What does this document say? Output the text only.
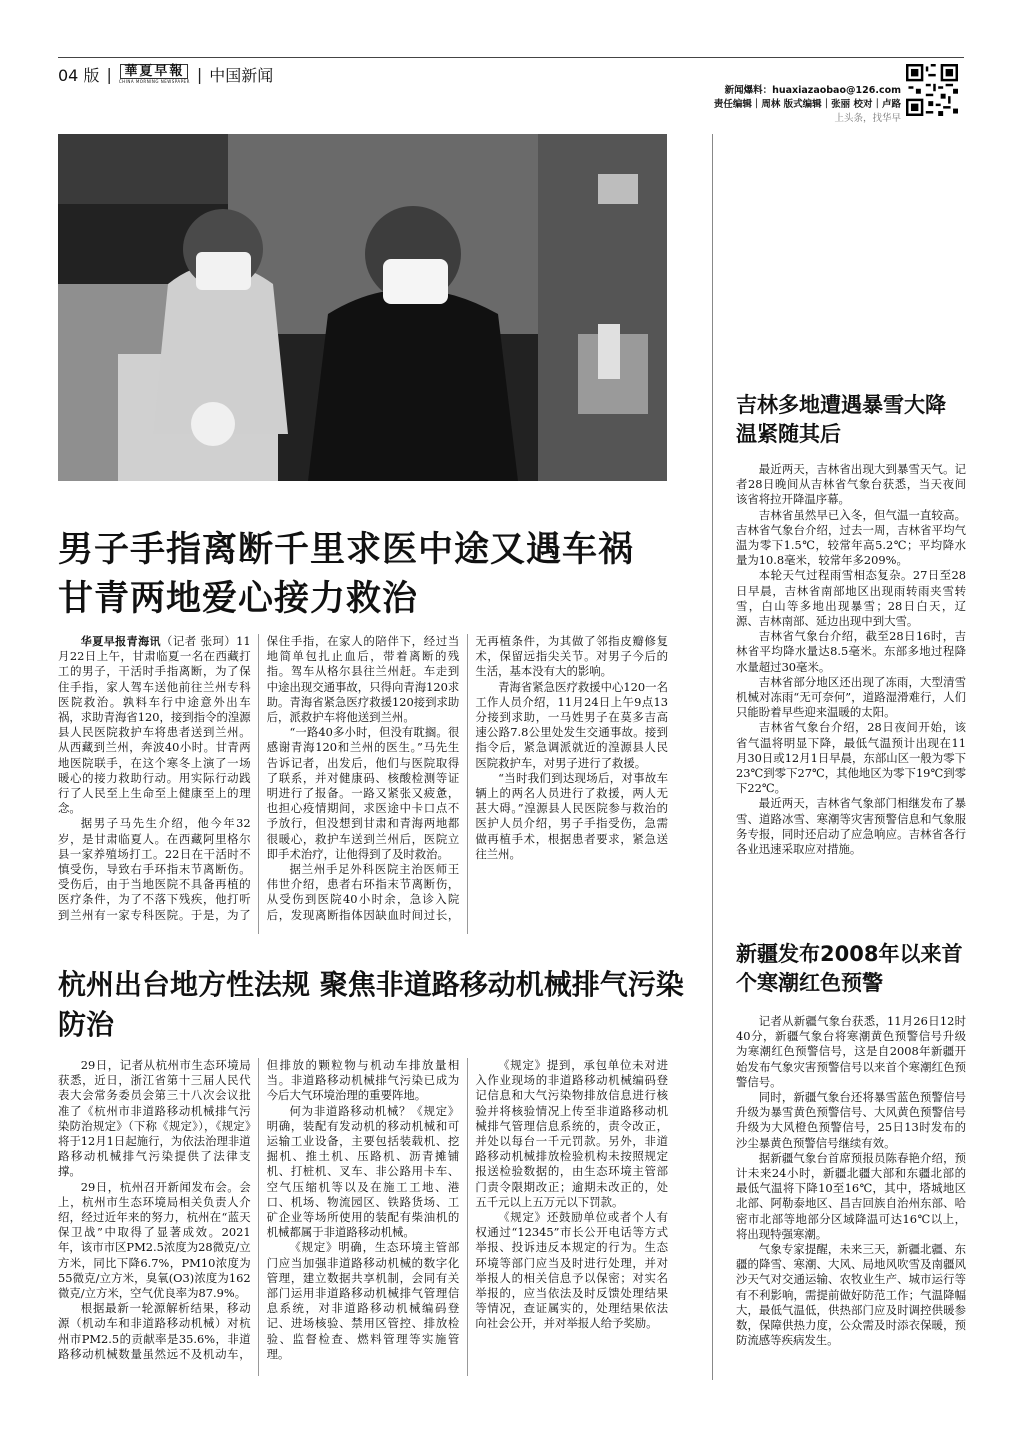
04 版 | 華夏早報
CHINA MORNING NEWSPAPER | 中国新闻
新闻爆料：huaxiazaobao@126.com
责任编辑｜周林 版式编辑｜张丽 校对｜卢路
上头条，找华早
男子手指离断千里求医中途又遇车祸 甘青两地爱心接力救治

华夏早报青海讯（记者 张珂）11月22日上午，甘肃临夏一名在西藏打工的男子，干活时手指离断，为了保住手指，家人驾车送他前往兰州专科医院救治。孰料车行中途意外出车祸，求助青海省120，接到指令的湟源县人民医院救护车将患者送到兰州。从西藏到兰州，奔波40小时。甘青两地医院联手，在这个寒冬上演了一场暖心的接力救助行动。用实际行动践行了人民至上生命至上健康至上的理念。

据男子马先生介绍，他今年32岁，是甘肃临夏人。在西藏阿里格尔县一家养殖场打工。22日在干活时不慎受伤，导致右手环指末节离断伤。受伤后，由于当地医院不具备再植的医疗条件，为了不落下残疾，他打听到兰州有一家专科医院。于是，为了保住手指，在家人的陪伴下，经过当地简单包扎止血后，带着离断的残指。驾车从格尔县往兰州赶。车走到中途出现交通事故，只得向青海120求助。青海省紧急医疗救援120接到求助后，派救护车将他送到兰州。

“一路40多小时，但没有耽搁。很感谢青海120和兰州的医生。”马先生告诉记者，出发后，他们与医院取得了联系，并对健康码、核酸检测等证明进行了报备。一路又紧张又疲惫，也担心疫情期间，求医途中卡口点不予放行，但没想到甘肃和青海两地都很暖心，救护车送到兰州后，医院立即手术治疗，让他得到了及时救治。

据兰州手足外科医院主治医师王伟世介绍，患者右环指末节离断伤，从受伤到医院40小时余，急诊入院后，发现离断指体因缺血时间过长，无再植条件，为其做了邻指皮瓣修复术，保留远指尖关节。对男子今后的生活，基本没有大的影响。

青海省紧急医疗救援中心120一名工作人员介绍，11月24日上午9点13分接到求助，一马姓男子在莫多吉高速公路7.8公里处发生交通事故。接到指令后，紧急调派就近的湟源县人民医院救护车，对男子进行了救援。

“当时我们到达现场后，对事故车辆上的两名人员进行了救援，两人无甚大碍。”湟源县人民医院参与救治的医护人员介绍，男子手指受伤，急需做再植手术，根据患者要求，紧急送往兰州。

杭州出台地方性法规 聚焦非道路移动机械排气污染防治

29日，记者从杭州市生态环境局获悉，近日，浙江省第十三届人民代表大会常务委员会第三十八次会议批准了《杭州市非道路移动机械排气污染防治规定》（下称《规定》），《规定》将于12月1日起施行，为依法治理非道路移动机械排气污染提供了法律支撑。

29日，杭州召开新闻发布会。会上，杭州市生态环境局相关负责人介绍，经过近年来的努力，杭州在“蓝天保卫战”中取得了显著成效。2021年，该市市区PM2.5浓度为28微克/立方米，同比下降6.7%，PM10浓度为55微克/立方米，臭氧(O3)浓度为162微克/立方米，空气优良率为87.9%。

根据最新一轮源解析结果，移动源（机动车和非道路移动机械）对杭州市PM2.5的贡献率是35.6%，非道路移动机械数量虽然远不及机动车，但排放的颗粒物与机动车排放量相当。非道路移动机械排气污染已成为今后大气环境治理的重要阵地。

何为非道路移动机械？《规定》明确，装配有发动机的移动机械和可运输工业设备，主要包括装载机、挖掘机、推土机、压路机、沥青摊铺机、打桩机、叉车、非公路用卡车、空气压缩机等以及在施工工地、港口、机场、物流园区、铁路货场、工矿企业等场所使用的装配有柴油机的机械都属于非道路移动机械。

《规定》明确，生态环境主管部门应当加强非道路移动机械的数字化管理，建立数据共享机制，会同有关部门运用非道路移动机械排气管理信息系统，对非道路移动机械编码登记、进场核验、禁用区管控、排放检验、监督检查、燃料管理等实施管理。

《规定》提到，承包单位未对进入作业现场的非道路移动机械编码登记信息和大气污染物排放信息进行核验并将核验情况上传至非道路移动机械排气管理信息系统的，责令改正，并处以每台一千元罚款。另外，非道路移动机械排放检验机构未按照规定报送检验数据的，由生态环境主管部门责令限期改正；逾期未改正的，处五千元以上五万元以下罚款。

《规定》还鼓励单位或者个人有权通过“12345”市长公开电话等方式举报、投诉违反本规定的行为。生态环境等部门应当及时进行处理，并对举报人的相关信息予以保密；对实名举报的，应当依法及时反馈处理结果等情况，查证属实的，处理结果依法向社会公开，并对举报人给予奖励。

吉林多地遭遇暴雪大降温紧随其后

最近两天，吉林省出现大到暴雪天气。记者28日晚间从吉林省气象台获悉，当天夜间该省将拉开降温序幕。

吉林省虽然早已入冬，但气温一直较高。吉林省气象台介绍，过去一周，吉林省平均气温为零下1.5℃，较常年高5.2℃；平均降水量为10.8毫米，较常年多209%。

本轮天气过程雨雪相态复杂。27日至28日早晨，吉林省南部地区出现雨转雨夹雪转雪，白山等多地出现暴雪；28日白天，辽源、吉林南部、延边出现中到大雪。

吉林省气象台介绍，截至28日16时，吉林省平均降水量达8.5毫米。东部多地过程降水量超过30毫米。

吉林省部分地区还出现了冻雨，大型清雪机械对冻雨“无可奈何”，道路湿滑难行，人们只能盼着早些迎来温暖的太阳。

吉林省气象台介绍，28日夜间开始，该省气温将明显下降，最低气温预计出现在11月30日或12月1日早晨，东部山区一般为零下23℃到零下27℃，其他地区为零下19℃到零下22℃。

最近两天，吉林省气象部门相继发布了暴雪、道路冰雪、寒潮等灾害预警信息和气象服务专报，同时还启动了应急响应。吉林省各行各业迅速采取应对措施。

新疆发布2008年以来首个寒潮红色预警

记者从新疆气象台获悉，11月26日12时40分，新疆气象台将寒潮黄色预警信号升级为寒潮红色预警信号，这是自2008年新疆开始发布气象灾害预警信号以来首个寒潮红色预警信号。

同时，新疆气象台还将暴雪蓝色预警信号升级为暴雪黄色预警信号、大风黄色预警信号升级为大风橙色预警信号，25日13时发布的沙尘暴黄色预警信号继续有效。

据新疆气象台首席预报员陈春艳介绍，预计未来24小时，新疆北疆大部和东疆北部的最低气温将下降10至16℃，其中，塔城地区北部、阿勒泰地区、昌吉回族自治州东部、哈密市北部等地部分区域降温可达16℃以上，将出现特强寒潮。

气象专家提醒，未来三天，新疆北疆、东疆的降雪、寒潮、大风、局地风吹雪及南疆风沙天气对交通运输、农牧业生产、城市运行等有不利影响，需提前做好防范工作；气温降幅大，最低气温低，供热部门应及时调控供暖参数，保障供热力度，公众需及时添衣保暖，预防流感等疾病发生。
